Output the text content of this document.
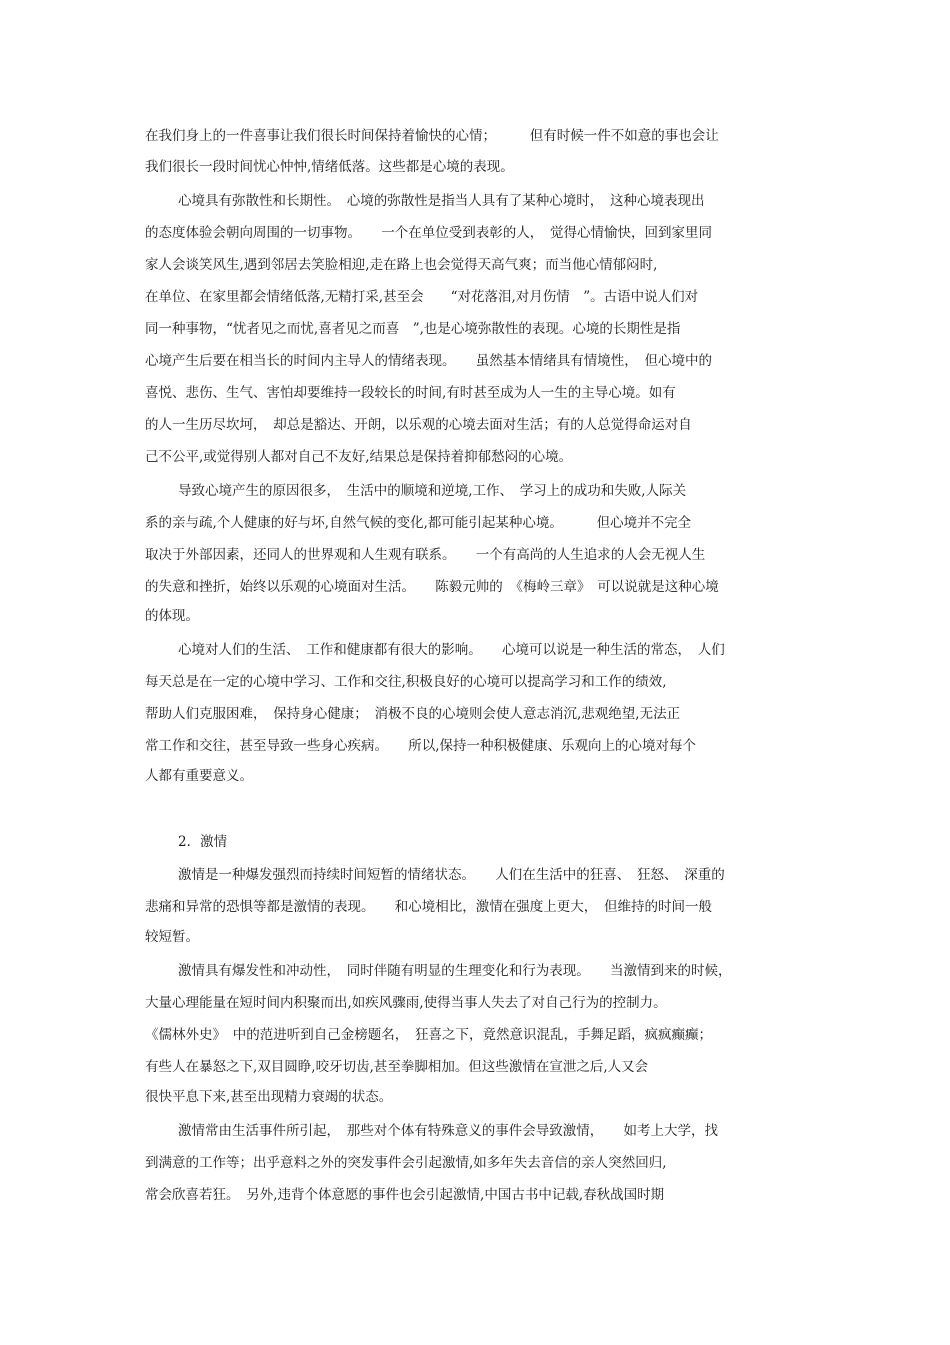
在我们身上的一件喜事让我们很长时间保持着愉快的心情；　　　但有时候一件不如意的事也会让
我们很长一段时间忧心忡忡,情绪低落。这些都是心境的表现。
心境具有弥散性和长期性。　心境的弥散性是指当人具有了某种心境时，　这种心境表现出
的态度体验会朝向周围的一切事物。　　一个在单位受到表彰的人，　觉得心情愉快，回到家里同
家人会谈笑风生,遇到邻居去笑脸相迎,走在路上也会觉得天高气爽；而当他心情郁闷时,
在单位、在家里都会情绪低落,无精打采,甚至会　　“对花落泪,对月伤情　”。古语中说人们对
同一种事物，“忧者见之而忧,喜者见之而喜　”,也是心境弥散性的表现。心境的长期性是指
心境产生后要在相当长的时间内主导人的情绪表现。　　虽然基本情绪具有情境性，　但心境中的
喜悦、悲伤、生气、害怕却要维持一段较长的时间,有时甚至成为人一生的主导心境。如有
的人一生历尽坎坷，　却总是豁达、开朗，以乐观的心境去面对生活；有的人总觉得命运对自
己不公平,或觉得别人都对自己不友好,结果总是保持着抑郁愁闷的心境。
导致心境产生的原因很多，　生活中的顺境和逆境,工作、　学习上的成功和失败,人际关
系的亲与疏,个人健康的好与坏,自然气候的变化,都可能引起某种心境。　　　但心境并不完全
取决于外部因素，还同人的世界观和人生观有联系。　　一个有高尚的人生追求的人会无视人生
的失意和挫折，始终以乐观的心境面对生活。　　陈毅元帅的　《梅岭三章》　可以说就是这种心境
的体现。
心境对人们的生活、　工作和健康都有很大的影响。　　心境可以说是一种生活的常态，　人们
每天总是在一定的心境中学习、工作和交往,积极良好的心境可以提高学习和工作的绩效,
帮助人们克服困难，　保持身心健康；　消极不良的心境则会使人意志消沉,悲观绝望,无法正
常工作和交往，甚至导致一些身心疾病。　　所以,保持一种积极健康、乐观向上的心境对每个
人都有重要意义。
2．激情
激情是一种爆发强烈而持续时间短暂的情绪状态。　　人们在生活中的狂喜、　狂怒、　深重的
悲痛和异常的恐惧等都是激情的表现。　　和心境相比，激情在强度上更大，　但维持的时间一般
较短暂。
激情具有爆发性和冲动性，　同时伴随有明显的生理变化和行为表现。　　当激情到来的时候，
大量心理能量在短时间内积聚而出,如疾风骤雨,使得当事人失去了对自己行为的控制力。
《儒林外史》　中的范进听到自己金榜题名，　狂喜之下，竟然意识混乱，手舞足蹈，疯疯癫癫；
有些人在暴怒之下,双目圆睁,咬牙切齿,甚至拳脚相加。但这些激情在宣泄之后,人又会
很快平息下来,甚至出现精力衰竭的状态。
激情常由生活事件所引起，　那些对个体有特殊意义的事件会导致激情，　　如考上大学，找
到满意的工作等；出乎意料之外的突发事件会引起激情,如多年失去音信的亲人突然回归,
常会欣喜若狂。　另外,违背个体意愿的事件也会引起激情,中国古书中记载,春秋战国时期
